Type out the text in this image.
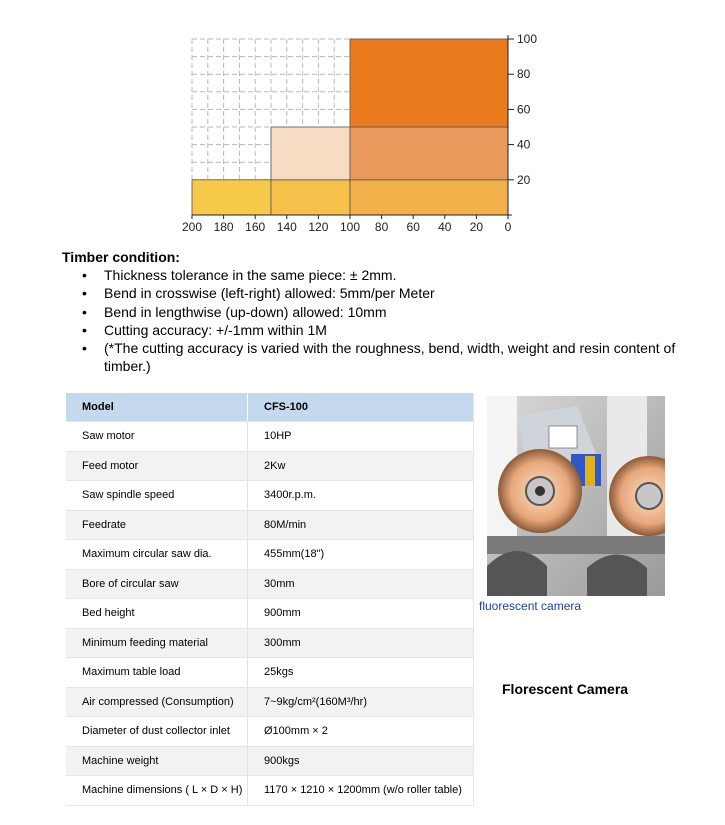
200 180 160 140 120 100 80 60 40 20 0
20
40
60
80
100
Timber condition:
• Thickness tolerance in the same piece: ± 2mm.
• Bend in crosswise (left-right) allowed: 5mm/per Meter
• Bend in lengthwise (up-down) allowed: 10mm
• Cutting accuracy: +/-1mm within 1M
• (*The cutting accuracy is varied with the roughness, bend, width, weight and resin content of timber.)
Model	CFS-100
Saw motor	10HP
Feed motor	2Kw
Saw spindle speed	3400r.p.m.
Feedrate	80M/min
Maximum circular saw dia.	455mm(18")
Bore of circular saw	30mm
Bed height	900mm
Minimum feeding material	300mm
Maximum table load	25kgs
Air compressed (Consumption)	7~9kg/cm²(160M³/hr)
Diameter of dust collector inlet	Ø100mm × 2
Machine weight	900kgs
Machine dimensions ( L × D × H)	1170 × 1210 × 1200mm (w/o roller table)
fluorescent camera
Florescent Camera
